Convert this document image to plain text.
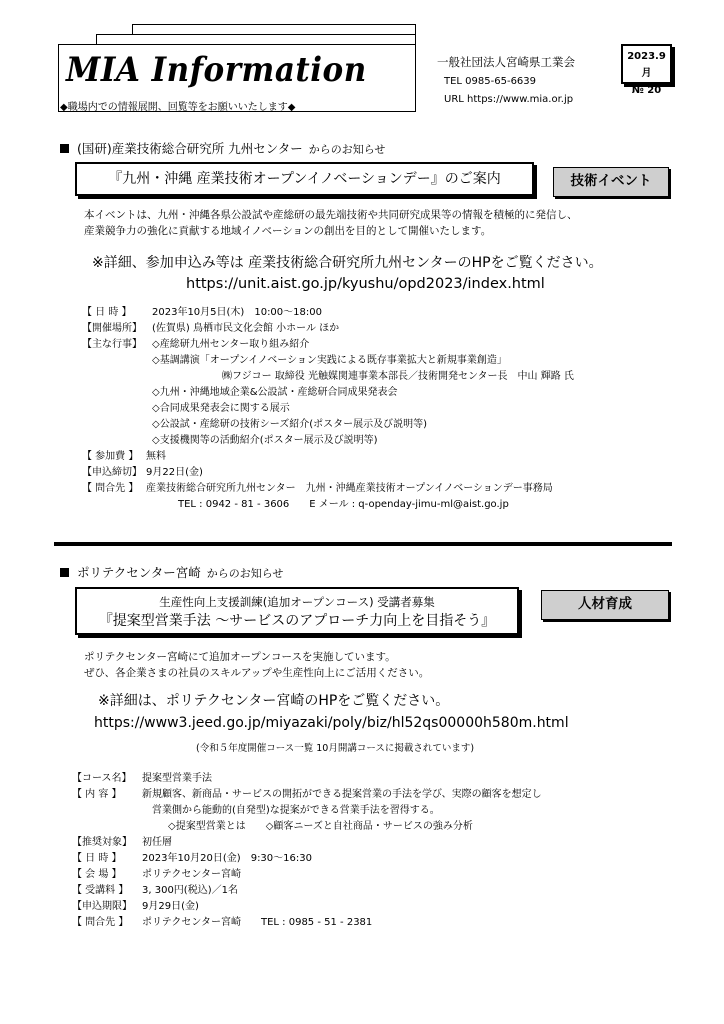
MIA Information
◆職場内での情報展開、回覧等をお願いいたします◆
一般社団法人宮崎県工業会
TEL 0985-65-6639
URL https://www.mia.or.jp
2023.9 月
№ 20
(国研)産業技術総合研究所 九州センター からのお知らせ
『九州・沖縄 産業技術オープンイノベーションデー』のご案内	技術イベント
本イベントは、九州・沖縄各県公設試や産総研の最先端技術や共同研究成果等の情報を積極的に発信し、
産業競争力の強化に貢献する地域イノベーションの創出を目的として開催いたします。
※詳細、参加申込み等は 産業技術総合研究所九州センターのHPをご覧ください。
https://unit.aist.go.jp/kyushu/opd2023/index.html
【 日 時 】 2023年10月5日(木)　10:00～18:00
【開催場所】 (佐賀県) 鳥栖市民文化会館 小ホール ほか
【主な行事】 ◇産総研九州センター取り組み紹介
◇基調講演「オープンイノベーション実践による既存事業拡大と新規事業創造」
㈱フジコー 取締役 光触媒関連事業本部長／技術開発センター長　中山 輝路 氏
◇九州・沖縄地域企業&公設試・産総研合同成果発表会
◇合同成果発表会に関する展示
◇公設試・産総研の技術シーズ紹介(ポスター展示及び説明等)
◇支援機関等の活動紹介(ポスター展示及び説明等)
【 参加費 】 無料
【申込締切】 9月22日(金)
【 問合先 】 産業技術総合研究所九州センター　九州・沖縄産業技術オープンイノベーションデー事務局
TEL : 0942 - 81 - 3606　　E メール : q-openday-jimu-ml@aist.go.jp
ポリテクセンター宮崎 からのお知らせ
生産性向上支援訓練(追加オープンコース) 受講者募集
『提案型営業手法 ～サービスのアプローチ力向上を目指そう』
人材育成
ポリテクセンター宮崎にて追加オープンコースを実施しています。
ぜひ、各企業さまの社員のスキルアップや生産性向上にご活用ください。
※詳細は、ポリテクセンター宮崎のHPをご覧ください。
https://www3.jeed.go.jp/miyazaki/poly/biz/hl52qs00000h580m.html
(令和５年度開催コース一覧 10月開講コースに掲載されています)
【コース名】 提案型営業手法
【 内 容 】 新規顧客、新商品・サービスの開拓ができる提案営業の手法を学び、実際の顧客を想定し
営業側から能動的(自発型)な提案ができる営業手法を習得する。
◇提案型営業とは　　◇顧客ニーズと自社商品・サービスの強み分析
【推奨対象】 初任層
【 日 時 】 2023年10月20日(金)　9:30～16:30
【 会 場 】 ポリテクセンター宮崎
【 受講料 】 3, 300円(税込)／1名
【申込期限】 9月29日(金)
【 問合先 】 ポリテクセンター宮崎　　TEL : 0985 - 51 - 2381
